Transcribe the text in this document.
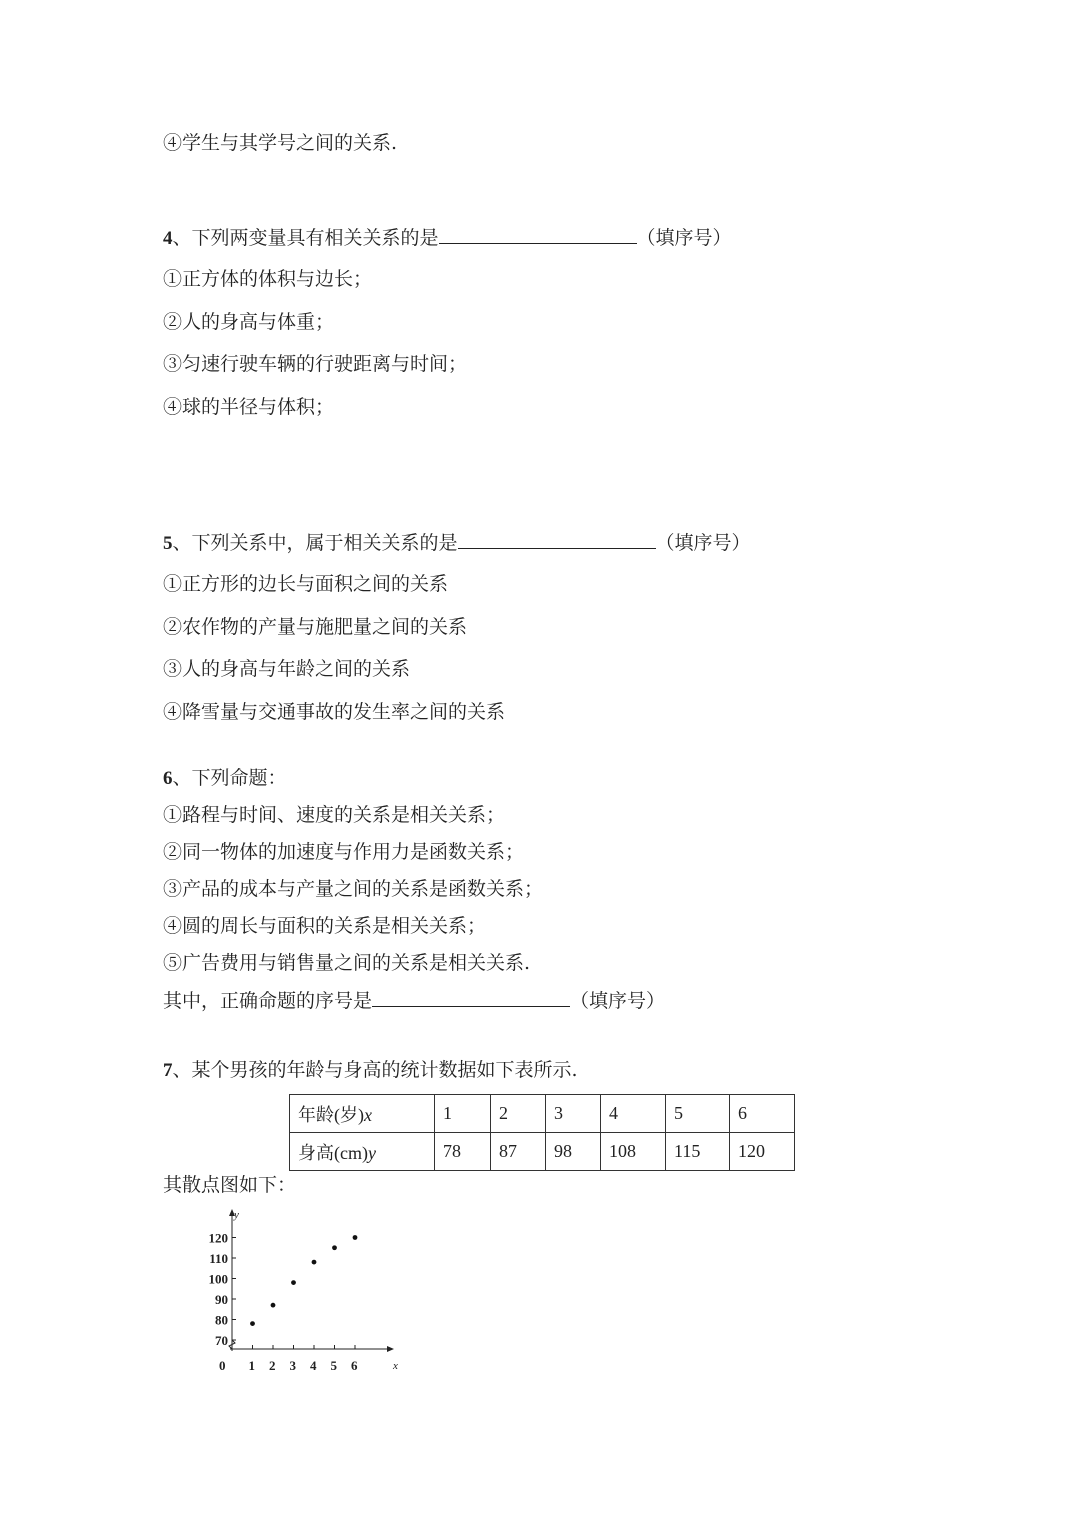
④学生与其学号之间的关系.
4、下列两变量具有相关关系的是	（填序号）
①正方体的体积与边长；
②人的身高与体重；
③匀速行驶车辆的行驶距离与时间；
④球的半径与体积；
5、下列关系中，属于相关关系的是	（填序号）
①正方形的边长与面积之间的关系
②农作物的产量与施肥量之间的关系
③人的身高与年龄之间的关系
④降雪量与交通事故的发生率之间的关系
6、下列命题：
①路程与时间、速度的关系是相关关系；
②同一物体的加速度与作用力是函数关系；
③产品的成本与产量之间的关系是函数关系；
④圆的周长与面积的关系是相关关系；
⑤广告费用与销售量之间的关系是相关关系.
其中，正确命题的序号是	（填序号）
7、某个男孩的年龄与身高的统计数据如下表所示.
年龄(岁)x	1	2	3	4	5	6
身高(cm)y	78	87	98	108	115	120
其散点图如下：
y
x
0 1 2 3 4 5 6
70
80
90
100
110
120
